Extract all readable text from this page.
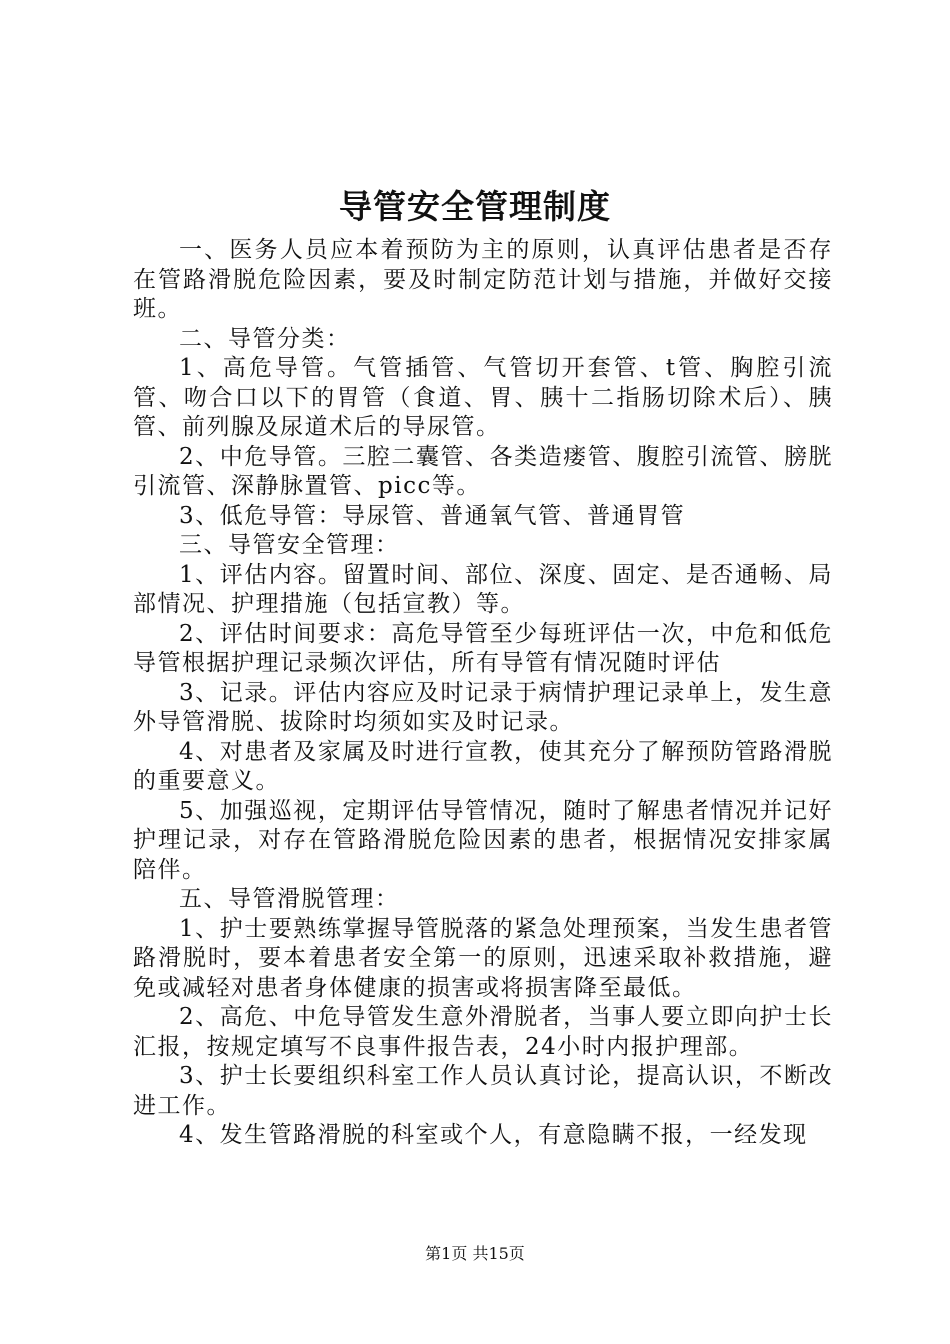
导管安全管理制度

一、医务人员应本着预防为主的原则，认真评估患者是否存在管路滑脱危险因素，要及时制定防范计划与措施，并做好交接班。

二、导管分类：

1、高危导管。气管插管、气管切开套管、t管、胸腔引流管、吻合口以下的胃管（食道、胃、胰十二指肠切除术后）、胰管、前列腺及尿道术后的导尿管。

2、中危导管。三腔二囊管、各类造瘘管、腹腔引流管、膀胱引流管、深静脉置管、picc等。

3、低危导管：导尿管、普通氧气管、普通胃管

三、导管安全管理：

1、评估内容。留置时间、部位、深度、固定、是否通畅、局部情况、护理措施（包括宣教）等。

2、评估时间要求：高危导管至少每班评估一次，中危和低危导管根据护理记录频次评估，所有导管有情况随时评估

3、记录。评估内容应及时记录于病情护理记录单上，发生意外导管滑脱、拔除时均须如实及时记录。

4、对患者及家属及时进行宣教，使其充分了解预防管路滑脱的重要意义。

5、加强巡视，定期评估导管情况，随时了解患者情况并记好护理记录，对存在管路滑脱危险因素的患者，根据情况安排家属陪伴。

五、导管滑脱管理：

1、护士要熟练掌握导管脱落的紧急处理预案，当发生患者管路滑脱时，要本着患者安全第一的原则，迅速采取补救措施，避免或减轻对患者身体健康的损害或将损害降至最低。

2、高危、中危导管发生意外滑脱者，当事人要立即向护士长汇报，按规定填写不良事件报告表，24小时内报护理部。

3、护士长要组织科室工作人员认真讨论，提高认识，不断改进工作。

4、发生管路滑脱的科室或个人，有意隐瞒不报，一经发现

第1页 共15页
